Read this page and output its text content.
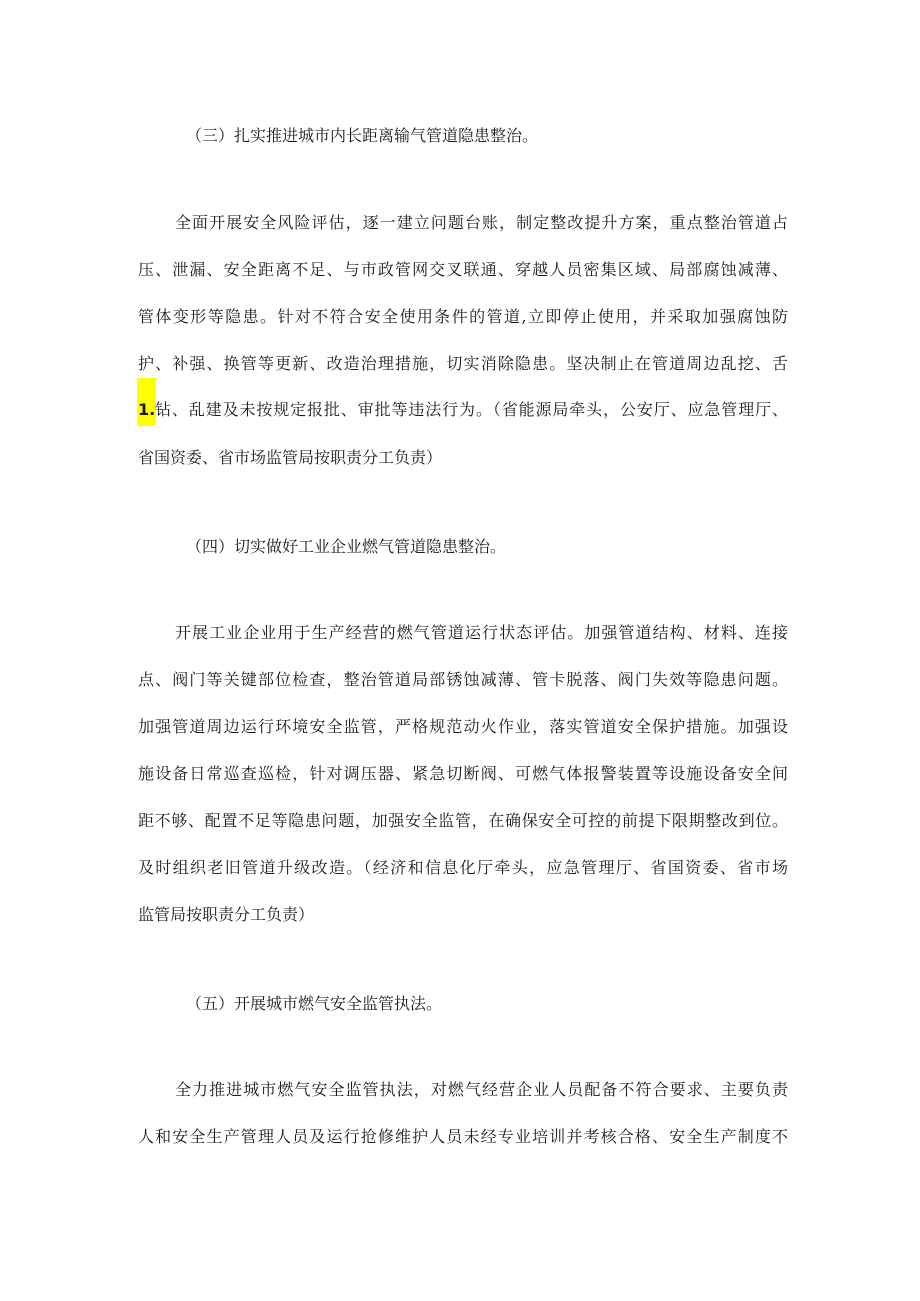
（三）扎实推进城市内长距离输气管道隐患整治。
全面开展安全风险评估，逐一建立问题台账，制定整改提升方案，重点整治管道占
压、泄漏、安全距离不足、与市政管网交叉联通、穿越人员密集区域、局部腐蚀减薄、
管体变形等隐患。针对不符合安全使用条件的管道,立即停止使用，并采取加强腐蚀防
护、补强、换管等更新、改造治理措施，切实消除隐患。坚决制止在管道周边乱挖、舌
1. 钻、乱建及未按规定报批、审批等违法行为。（省能源局牵头，公安厅、应急管理厅、
省国资委、省市场监管局按职责分工负责）
（四）切实做好工业企业燃气管道隐患整治。
开展工业企业用于生产经营的燃气管道运行状态评估。加强管道结构、材料、连接
点、阀门等关键部位检查，整治管道局部锈蚀减薄、管卡脱落、阀门失效等隐患问题。
加强管道周边运行环境安全监管，严格规范动火作业，落实管道安全保护措施。加强设
施设备日常巡查巡检，针对调压器、紧急切断阀、可燃气体报警装置等设施设备安全间
距不够、配置不足等隐患问题，加强安全监管，在确保安全可控的前提下限期整改到位。
及时组织老旧管道升级改造。（经济和信息化厅牵头，应急管理厅、省国资委、省市场
监管局按职责分工负责）
（五）开展城市燃气安全监管执法。
全力推进城市燃气安全监管执法，对燃气经营企业人员配备不符合要求、主要负责
人和安全生产管理人员及运行抢修维护人员未经专业培训并考核合格、安全生产制度不
